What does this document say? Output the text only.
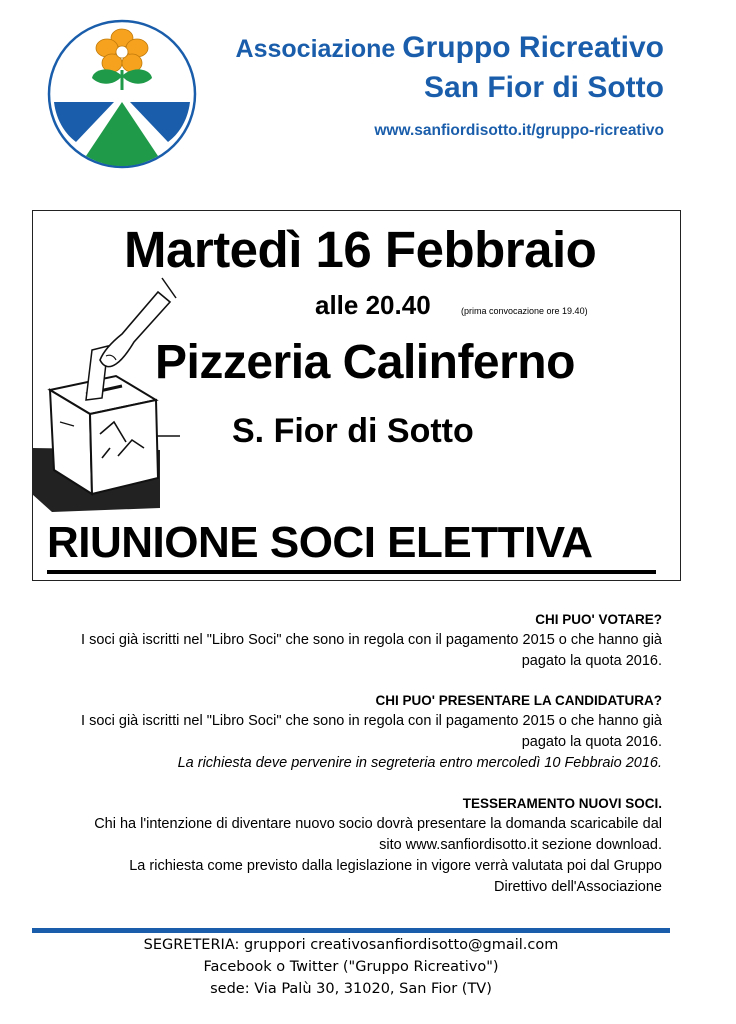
Associazione Gruppo Ricreativo
San Fior di Sotto
www.sanfiordisotto.it/gruppo-ricreativo
Martedì 16 Febbraio
alle 20.40	(prima convocazione ore 19.40)
Pizzeria Calinferno
S. Fior di Sotto
RIUNIONE SOCI ELETTIVA

CHI PUO' VOTARE?

I soci già iscritti nel "Libro Soci" che sono in regola con il pagamento 2015 o che hanno già

pagato la quota 2016.

CHI PUO' PRESENTARE LA CANDIDATURA?

I soci già iscritti nel "Libro Soci" che sono in regola con il pagamento 2015 o che hanno già

pagato la quota 2016.

La richiesta deve pervenire in segreteria entro mercoledì 10 Febbraio 2016.

TESSERAMENTO NUOVI SOCI.

Chi ha l'intenzione di diventare nuovo socio dovrà presentare la domanda scaricabile dal

sito www.sanfiordisotto.it sezione download.

La richiesta come previsto dalla legislazione in vigore verrà valutata poi dal Gruppo

Direttivo dell'Associazione

SEGRETERIA: gruppori creativosanfiordisotto@gmail.com

Facebook o Twitter ("Gruppo Ricreativo")

sede: Via Palù 30, 31020, San Fior (TV)
